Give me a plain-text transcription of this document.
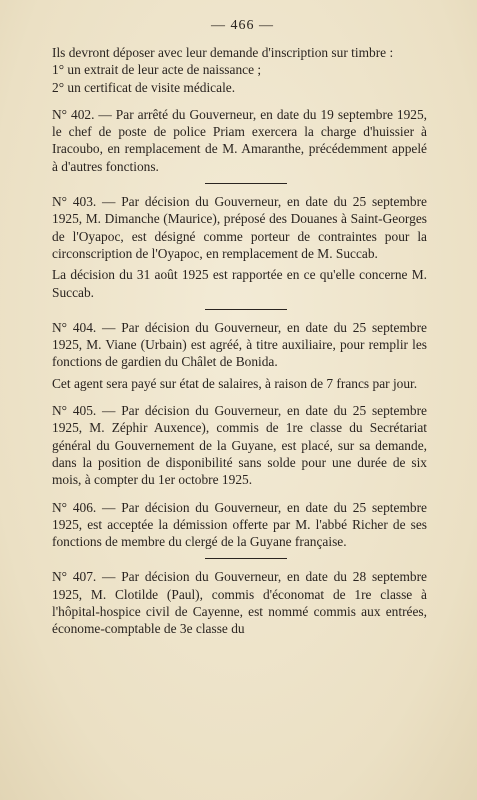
— 466 —

Ils devront déposer avec leur demande d'inscription sur timbre :

1° un extrait de leur acte de naissance ;

2° un certificat de visite médicale.

N° 402. — Par arrêté du Gouverneur, en date du 19 septembre 1925, le chef de poste de police Priam exercera la charge d'huissier à Iracoubo, en remplacement de M. Amaranthe, précédemment appelé à d'autres fonctions.

N° 403. — Par décision du Gouverneur, en date du 25 septembre 1925, M. Dimanche (Maurice), préposé des Douanes à Saint-Georges de l'Oyapoc, est désigné comme porteur de contraintes pour la circonscription de l'Oyapoc, en remplacement de M. Succab.

La décision du 31 août 1925 est rapportée en ce qu'elle concerne M. Succab.

N° 404. — Par décision du Gouverneur, en date du 25 septembre 1925, M. Viane (Urbain) est agréé, à titre auxiliaire, pour remplir les fonctions de gardien du Châlet de Bonida.

Cet agent sera payé sur état de salaires, à raison de 7 francs par jour.

N° 405. — Par décision du Gouverneur, en date du 25 septembre 1925, M. Zéphir Auxence), commis de 1re classe du Secrétariat général du Gouvernement de la Guyane, est placé, sur sa demande, dans la position de disponibilité sans solde pour une durée de six mois, à compter du 1er octobre 1925.

N° 406. — Par décision du Gouverneur, en date du 25 septembre 1925, est acceptée la démission offerte par M. l'abbé Richer de ses fonctions de membre du clergé de la Guyane française.

N° 407. — Par décision du Gouverneur, en date du 28 septembre 1925, M. Clotilde (Paul), commis d'économat de 1re classe à l'hôpital-hospice civil de Cayenne, est nommé commis aux entrées, économe-comptable de 3e classe du
